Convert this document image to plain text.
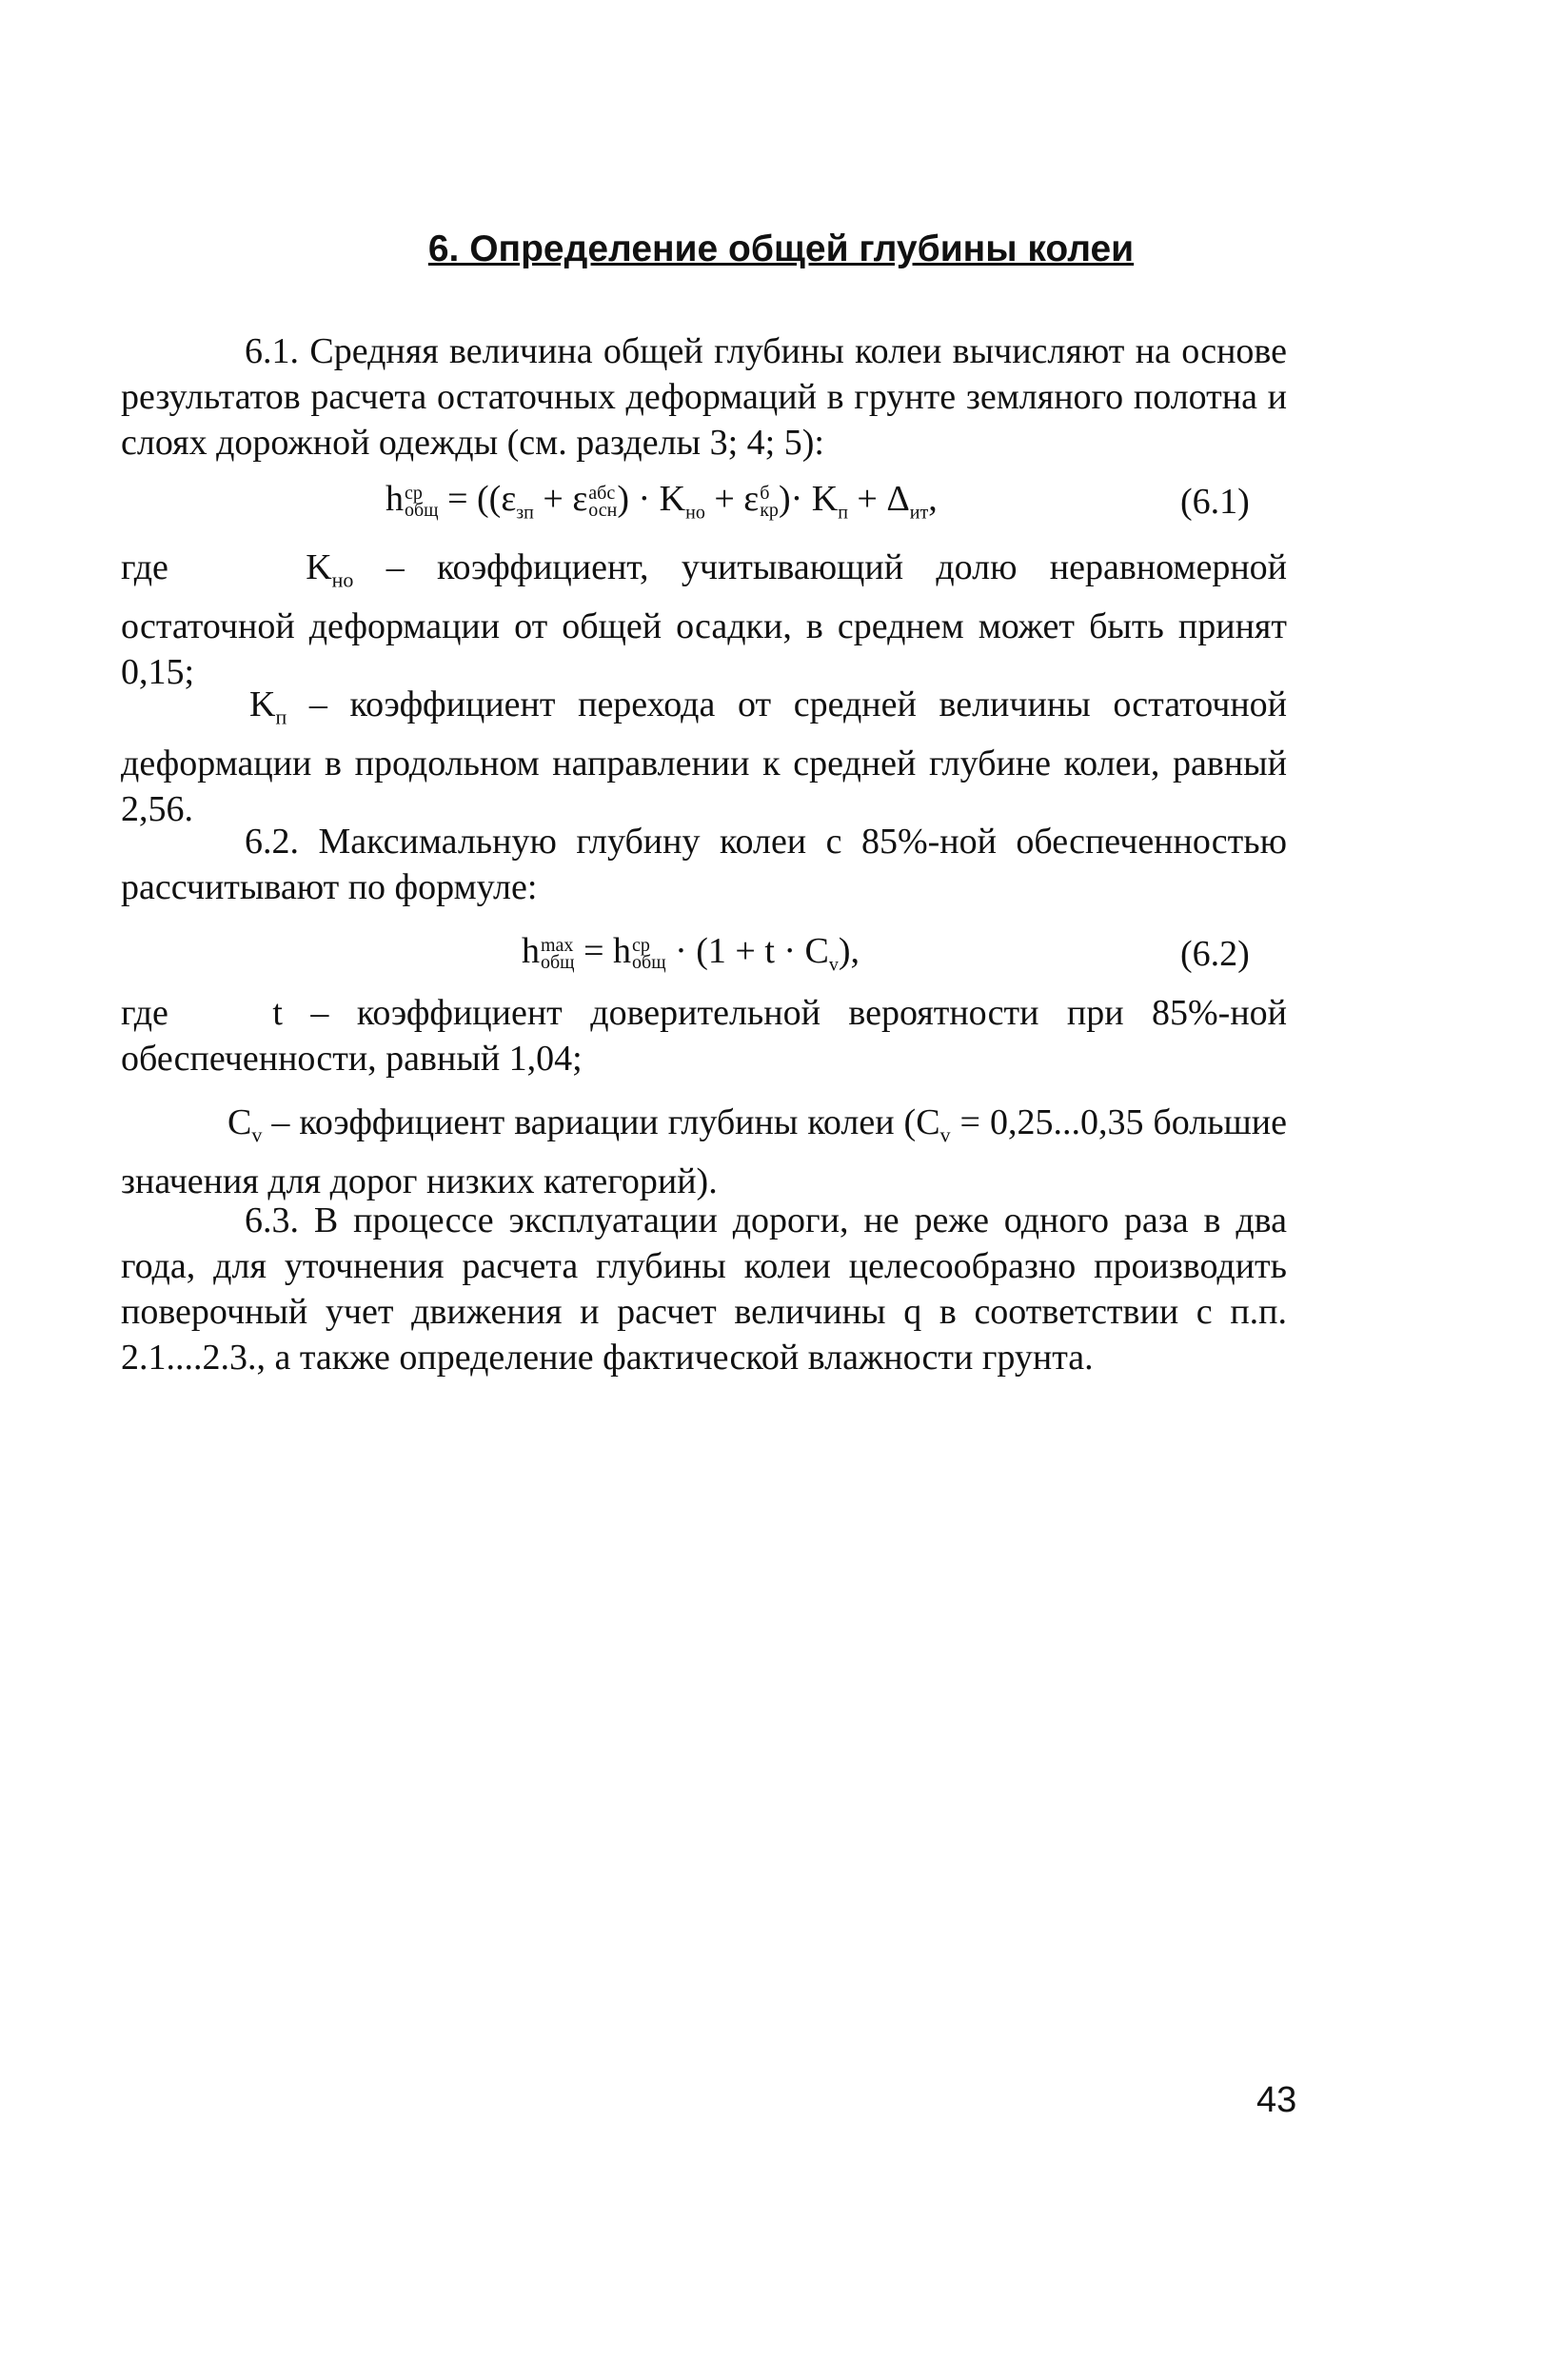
6. Определение общей глубины колеи

6.1. Средняя величина общей глубины колеи вычисляют на основе результатов расчета остаточных деформаций в грунте земляного полотна и слоях дорожной одежды (см. разделы 3; 4; 5):

h ср
общ = (($\varepsilon_{зп} + \varepsilon$ абс
осн ) · $K_{но} + \varepsilon$ б
кр )· $K_п + \Delta_{ит}$,	(6.1)

где	$K_{но}$ – коэффициент, учитывающий долю неравномерной остаточной деформации от общей осадки, в среднем может быть принят 0,15;

$K_п$ – коэффициент перехода от средней величины остаточной деформации в продольном направлении к средней глубине колеи, равный 2,56.

6.2. Максимальную глубину колеи с 85%-ной обеспеченностью рассчитывают по формуле:

h max
общ = h ср
общ · $(1 + t \cdot C_v)$,	(6.2)

где	t – коэффициент доверительной вероятности при 85%-ной обеспеченности, равный 1,04;

$C_v$ – коэффициент вариации глубины колеи ($C_v = 0,25...0,35$ большие значения для дорог низких категорий).

6.3. В процессе эксплуатации дороги, не реже одного раза в два года, для уточнения расчета глубины колеи целесообразно производить поверочный учет движения и расчет величины q в соответствии с п.п. 2.1....2.3., а также определение фактической влажности грунта.

43
